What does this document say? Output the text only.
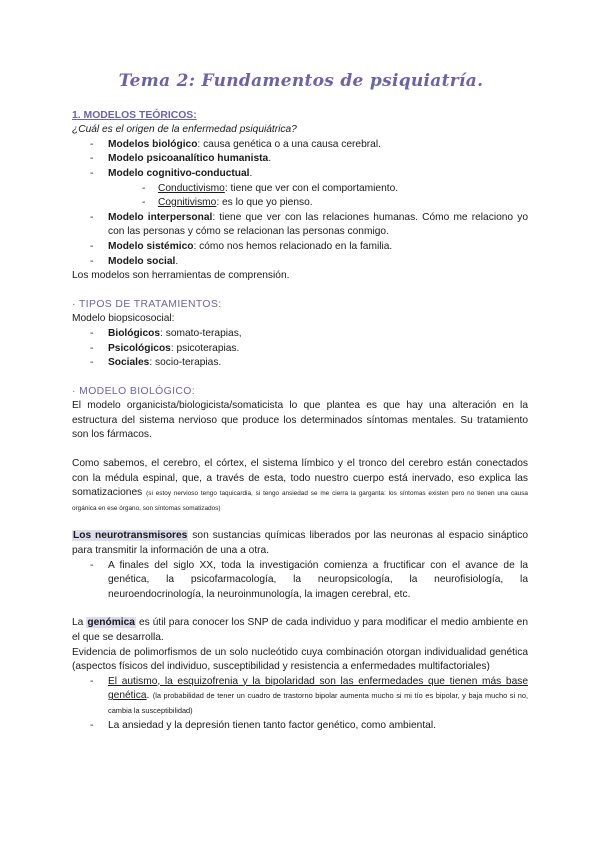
Tema 2: Fundamentos de psiquiatría.

1. MODELOS TEÓRICOS:

¿Cuál es el origen de la enfermedad psiquiátrica?

- Modelos biológico: causa genética o a una causa cerebral.
- Modelo psicoanalítico humanista.
- Modelo cognitivo-conductual.
- Conductivismo: tiene que ver con el comportamiento.
- Cognitivismo: es lo que yo pienso.
- Modelo interpersonal: tiene que ver con las relaciones humanas. Cómo me relaciono yo con las personas y cómo se relacionan las personas conmigo.
- Modelo sistémico: cómo nos hemos relacionado en la familia.
- Modelo social.

Los modelos son herramientas de comprensión.

· TIPOS DE TRATAMIENTOS:

Modelo biopsicosocial:

- Biológicos: somato-terapias,
- Psicológicos: psicoterapias.
- Sociales: socio-terapias.

· MODELO BIOLÓGICO:

El modelo organicista/biologicista/somaticista lo que plantea es que hay una alteración en la estructura del sistema nervioso que produce los determinados síntomas mentales. Su tratamiento son los fármacos.

Como sabemos, el cerebro, el córtex, el sistema límbico y el tronco del cerebro están conectados con la médula espinal, que, a través de esta, todo nuestro cuerpo está inervado, eso explica las somatizaciones (si estoy nervioso tengo taquicardia, si tengo ansiedad se me cierra la garganta: los síntomas existen pero no tienen una causa orgánica en ese órgano, son síntomas somatizados)

Los neurotransmisores son sustancias químicas liberados por las neuronas al espacio sináptico para transmitir la información de una a otra.

- A finales del siglo XX, toda la investigación comienza a fructificar con el avance de la genética, la psicofarmacología, la neuropsicología, la neurofisiología, la neuroendocrinología, la neuroinmunología, la imagen cerebral, etc.

La genómica es útil para conocer los SNP de cada individuo y para modificar el medio ambiente en el que se desarrolla.

Evidencia de polimorfismos de un solo nucleótido cuya combinación otorgan individualidad genética (aspectos físicos del individuo, susceptibilidad y resistencia a enfermedades multifactoriales)

- El autismo, la esquizofrenia y la bipolaridad son las enfermedades que tienen más base genética. (la probabilidad de tener un cuadro de trastorno bipolar aumenta mucho si mi tío es bipolar, y baja mucho si no, cambia la susceptibilidad)
- La ansiedad y la depresión tienen tanto factor genético, como ambiental.
